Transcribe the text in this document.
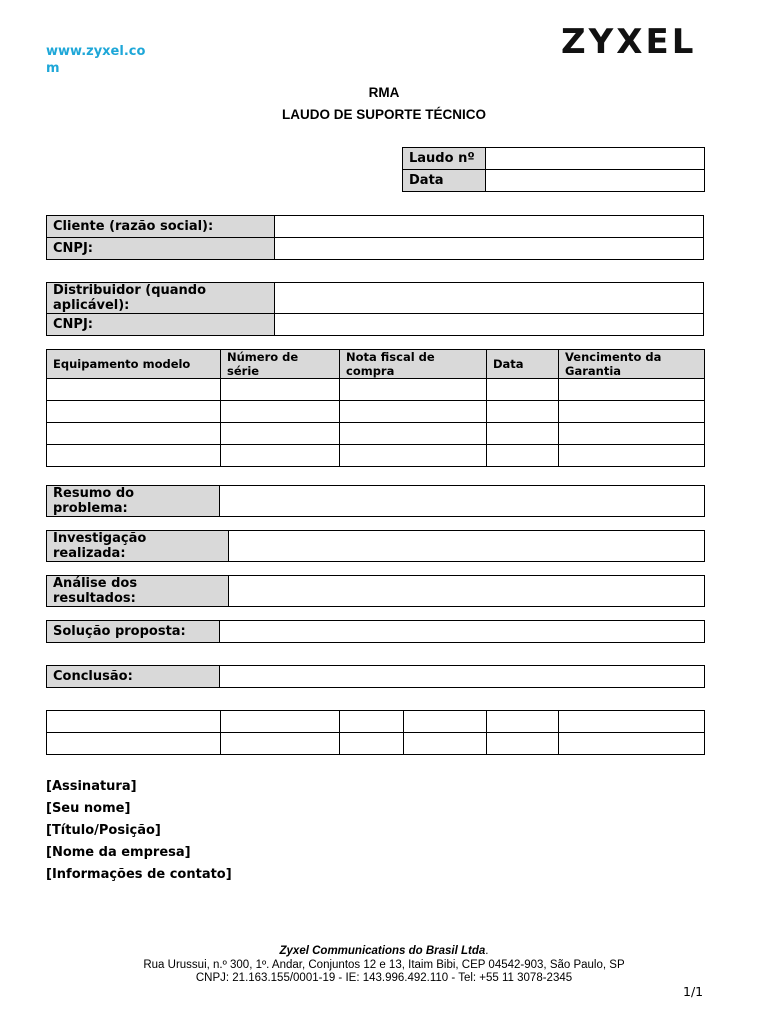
www.zyxel.co
m
ZYXEL
RMA
LAUDO DE SUPORTE TÉCNICO
Laudo nº	
Data	
Cliente (razão social):	
CNPJ:	
Distribuidor (quando aplicável):	
CNPJ:	
Equipamento modelo	Número de série	Nota fiscal de compra	Data	Vencimento da Garantia

Resumo do problema:	
Investigação realizada:	
Análise dos resultados:	
Solução proposta:	
Conclusão:	

[Assinatura]
[Seu nome]
[Título/Posição]
[Nome da empresa]
[Informações de contato]
Zyxel Communications do Brasil Ltda.
Rua Urussui, n.º 300, 1º. Andar, Conjuntos 12 e 13, Itaim Bibi, CEP 04542-903, São Paulo, SP
CNPJ: 21.163.155/0001-19 - IE: 143.996.492.110 - Tel: +55 11 3078-2345
1/1
